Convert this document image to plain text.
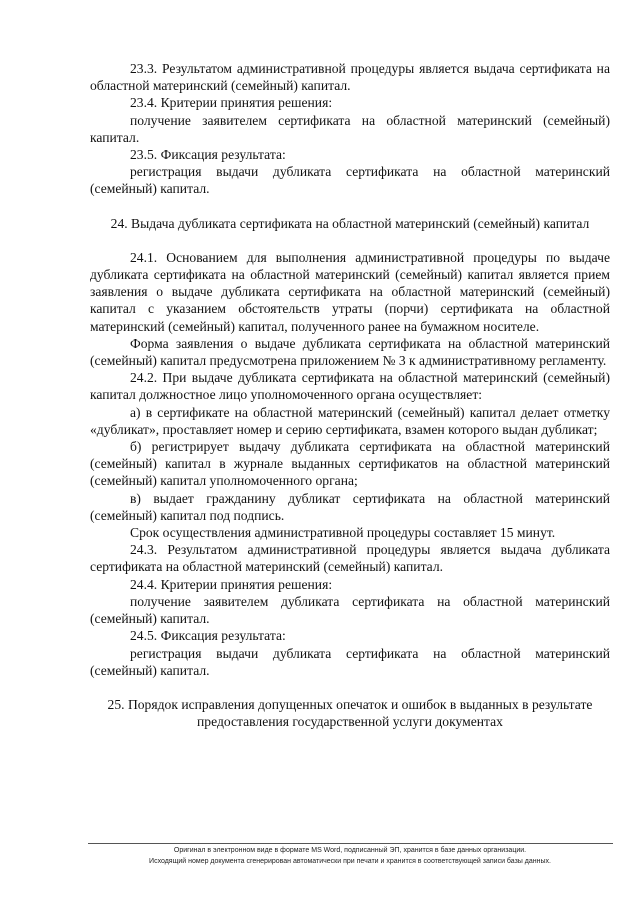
23.3. Результатом административной процедуры является выдача сертификата на областной материнский (семейный) капитал.

23.4. Критерии принятия решения:

получение заявителем сертификата на областной материнский (семейный) капитал.

23.5. Фиксация результата:

регистрация выдачи дубликата сертификата на областной материнский (семейный) капитал.

24. Выдача дубликата сертификата на областной материнский (семейный) капитал

24.1. Основанием для выполнения административной процедуры по выдаче дубликата сертификата на областной материнский (семейный) капитал является прием заявления о выдаче дубликата сертификата на областной материнский (семейный) капитал с указанием обстоятельств утраты (порчи) сертификата на областной материнский (семейный) капитал, полученного ранее на бумажном носителе.

Форма заявления о выдаче дубликата сертификата на областной материнский (семейный) капитал предусмотрена приложением № 3 к административному регламенту.

24.2. При выдаче дубликата сертификата на областной материнский (семейный) капитал должностное лицо уполномоченного органа осуществляет:

а) в сертификате на областной материнский (семейный) капитал делает отметку «дубликат», проставляет номер и серию сертификата, взамен которого выдан дубликат;

б) регистрирует выдачу дубликата сертификата на областной материнский (семейный) капитал в журнале выданных сертификатов на областной материнский (семейный) капитал уполномоченного органа;

в) выдает гражданину дубликат сертификата на областной материнский (семейный) капитал под подпись.

Срок осуществления административной процедуры составляет 15 минут.

24.3. Результатом административной процедуры является выдача дубликата сертификата на областной материнский (семейный) капитал.

24.4. Критерии принятия решения:

получение заявителем дубликата сертификата на областной материнский (семейный) капитал.

24.5. Фиксация результата:

регистрация выдачи дубликата сертификата на областной материнский (семейный) капитал.

25. Порядок исправления допущенных опечаток и ошибок в выданных в результате предоставления государственной услуги документах

Оригинал в электронном виде в формате MS Word, подписанный ЭП, хранится в базе данных организации.
Исходящий номер документа сгенерирован автоматически при печати и хранится в соответствующей записи базы данных.
